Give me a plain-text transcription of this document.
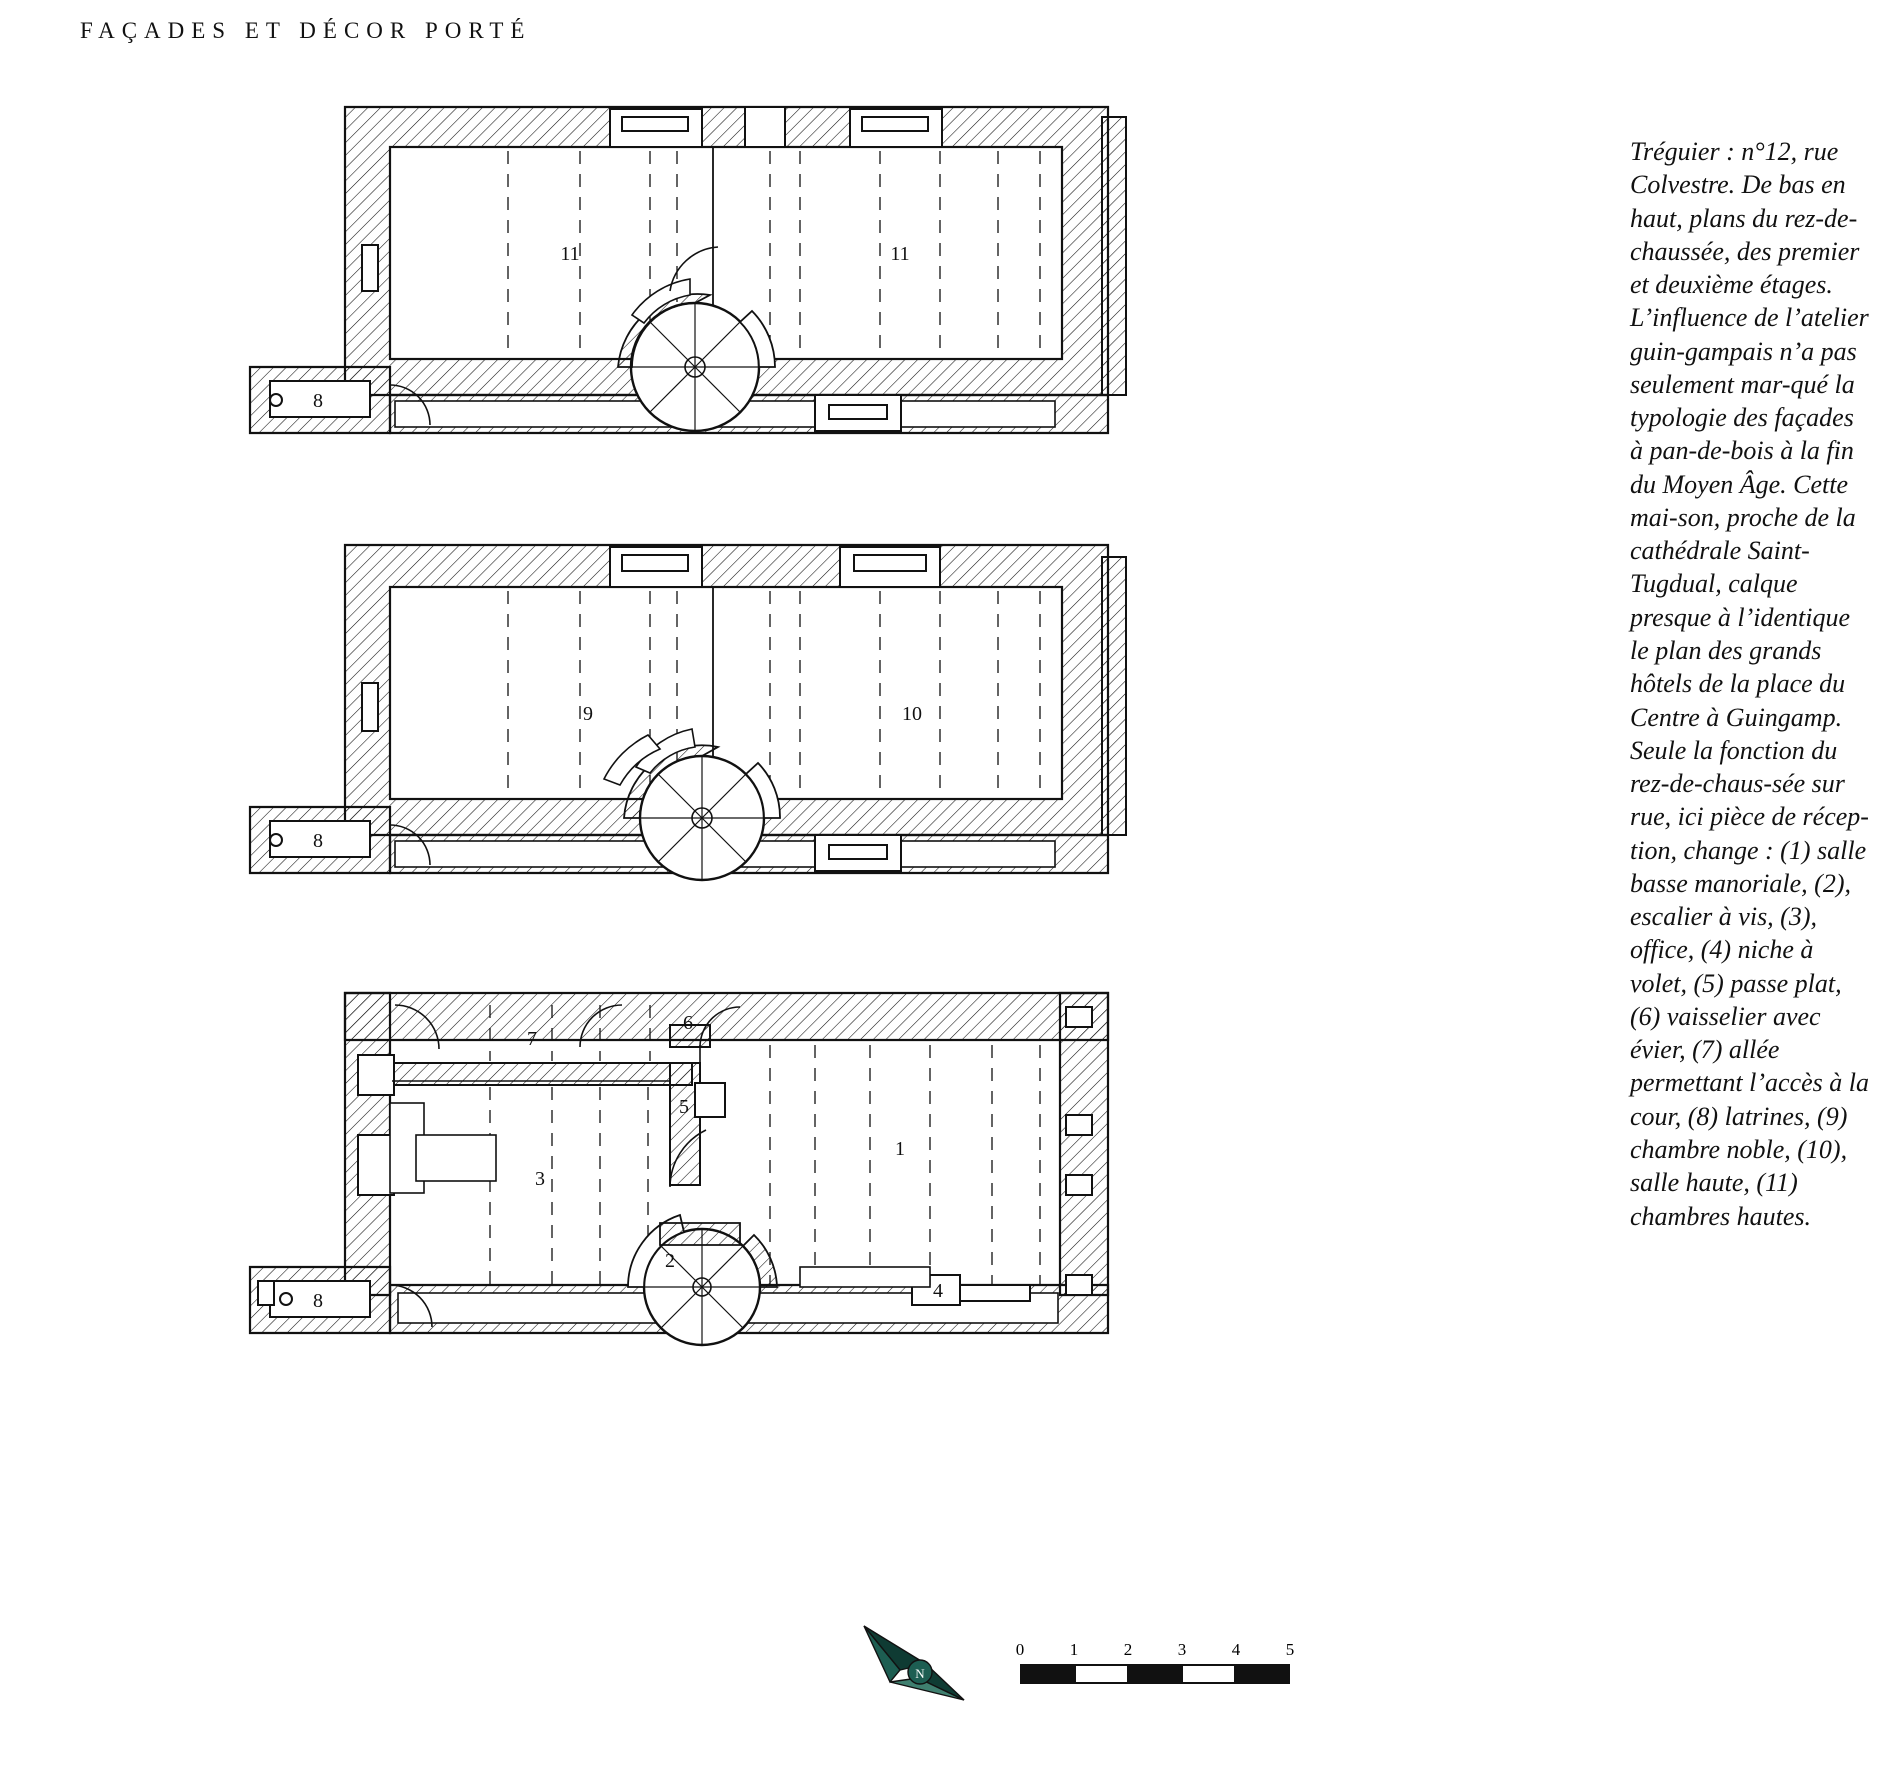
FAÇADES ET DÉCOR PORTÉ
11	11
8
9	10
8
7
6
5
3
1
2
4
8
N
0	1	2	3	4	5

Tréguier : n°12, rue Colvestre. De bas en haut, plans du rez-de-chaussée, des premier et deuxième étages. L’influence de l’atelier guin-gampais n’a pas seulement mar-qué la typologie des façades à pan-de-bois à la fin du Moyen Âge. Cette mai-son, proche de la cathédrale Saint-Tugdual, calque presque à l’identique le plan des grands hôtels de la place du Centre à Guingamp. Seule la fonction du rez-de-chaus-sée sur rue, ici pièce de récep-tion, change : (1) salle basse manoriale, (2), escalier à vis, (3), office, (4) niche à volet, (5) passe plat, (6) vaisselier avec évier, (7) allée permettant l’accès à la cour, (8) latrines, (9) chambre noble, (10), salle haute, (11) chambres hautes.
